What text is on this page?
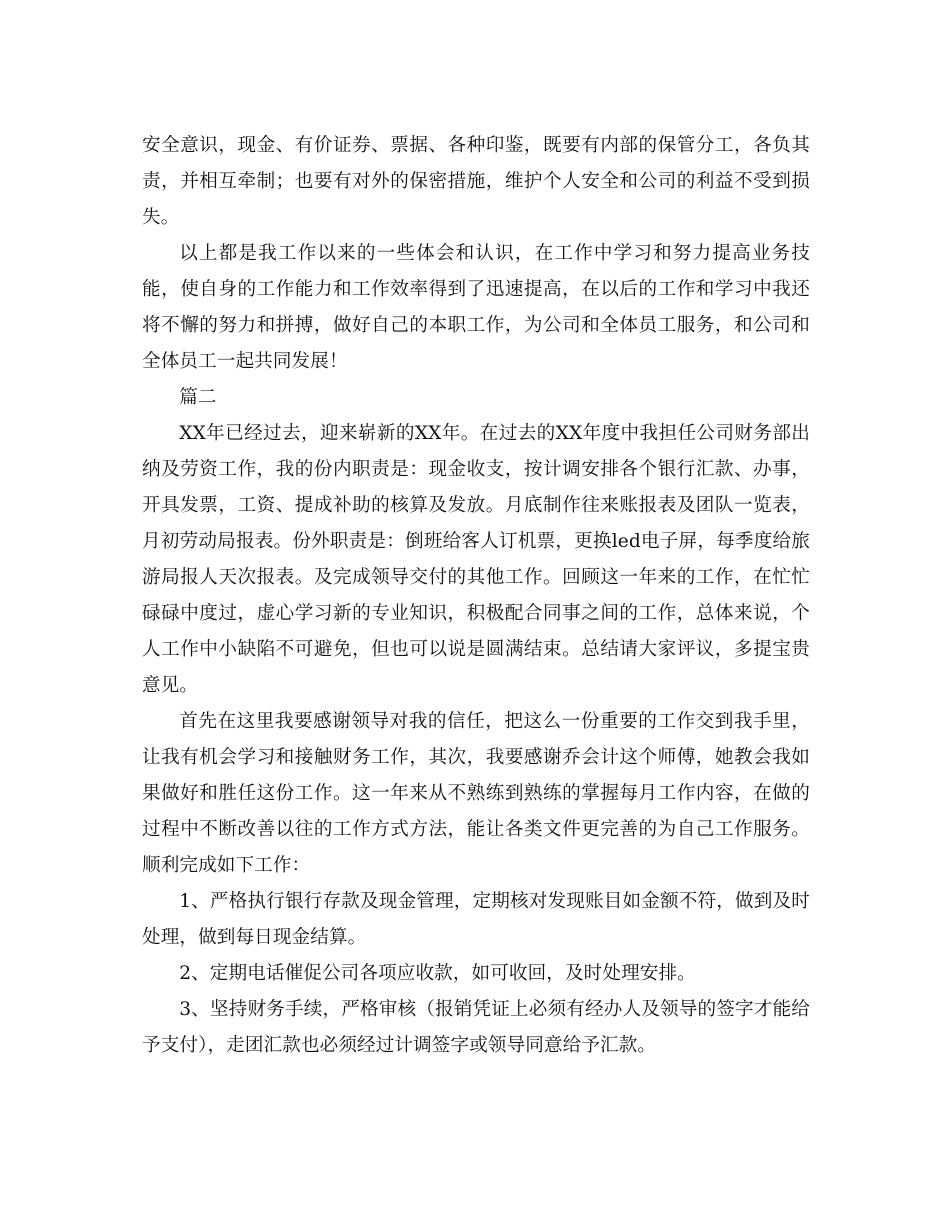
安全意识，现金、有价证券、票据、各种印鉴，既要有内部的保管分工，各负其责，并相互牵制；也要有对外的保密措施，维护个人安全和公司的利益不受到损失。

以上都是我工作以来的一些体会和认识，在工作中学习和努力提高业务技能，使自身的工作能力和工作效率得到了迅速提高，在以后的工作和学习中我还将不懈的努力和拼搏，做好自己的本职工作，为公司和全体员工服务，和公司和全体员工一起共同发展！

篇二

XX年已经过去，迎来崭新的XX年。在过去的XX年度中我担任公司财务部出纳及劳资工作，我的份内职责是：现金收支，按计调安排各个银行汇款、办事，开具发票，工资、提成补助的核算及发放。月底制作往来账报表及团队一览表，月初劳动局报表。份外职责是：倒班给客人订机票，更换led电子屏，每季度给旅游局报人天次报表。及完成领导交付的其他工作。回顾这一年来的工作，在忙忙碌碌中度过，虚心学习新的专业知识，积极配合同事之间的工作，总体来说，个人工作中小缺陷不可避免，但也可以说是圆满结束。总结请大家评议，多提宝贵意见。

首先在这里我要感谢领导对我的信任，把这么一份重要的工作交到我手里，让我有机会学习和接触财务工作，其次，我要感谢乔会计这个师傅，她教会我如果做好和胜任这份工作。这一年来从不熟练到熟练的掌握每月工作内容，在做的过程中不断改善以往的工作方式方法，能让各类文件更完善的为自己工作服务。顺利完成如下工作：

1、严格执行银行存款及现金管理，定期核对发现账目如金额不符，做到及时处理，做到每日现金结算。

2、定期电话催促公司各项应收款，如可收回，及时处理安排。

3、坚持财务手续，严格审核（报销凭证上必须有经办人及领导的签字才能给予支付），走团汇款也必须经过计调签字或领导同意给予汇款。
